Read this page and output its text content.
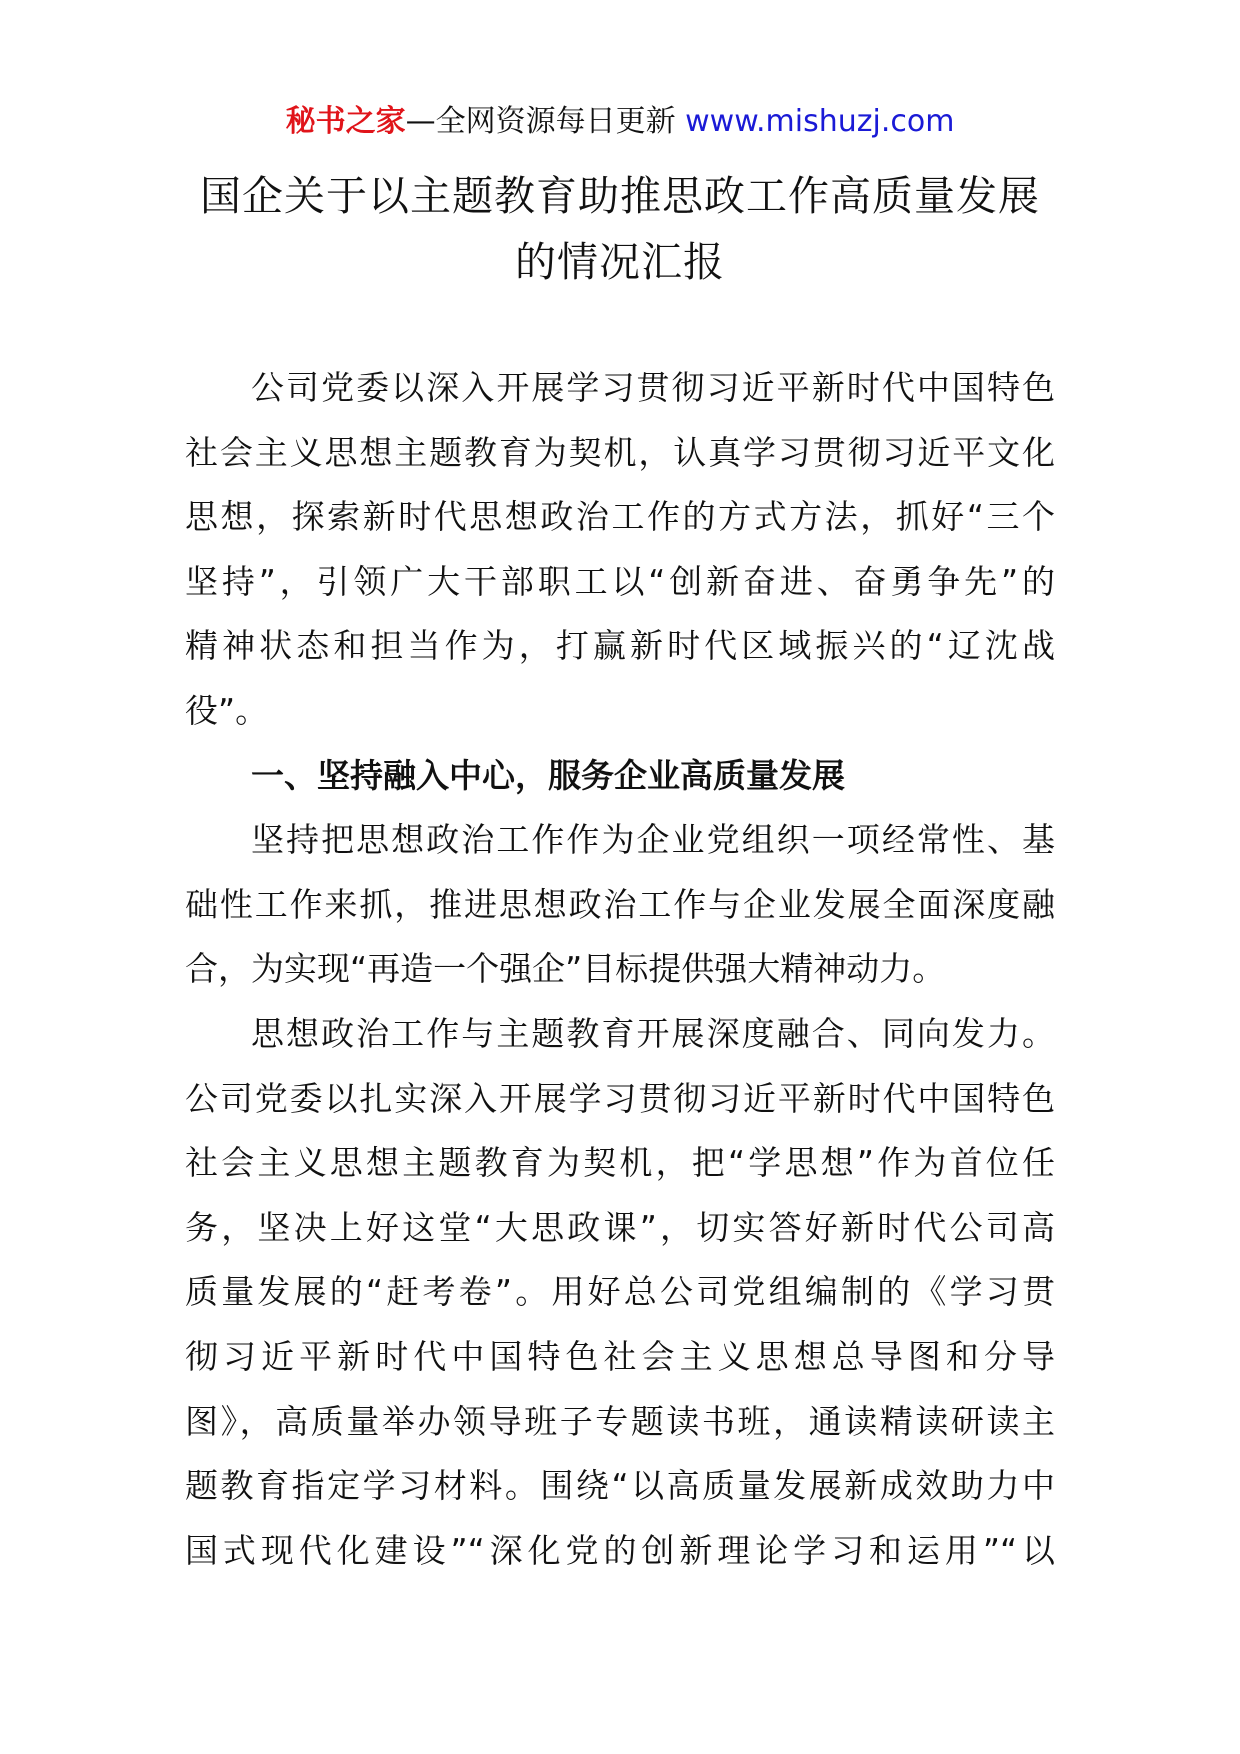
秘书之家—全网资源每日更新 www.mishuzj.com
国企关于以主题教育助推思政工作高质量发展
的情况汇报
公司党委以深入开展学习贯彻习近平新时代中国特色
社会主义思想主题教育为契机，认真学习贯彻习近平文化
思想，探索新时代思想政治工作的方式方法，抓好“三个
坚持”，引领广大干部职工以“创新奋进、奋勇争先”的
精神状态和担当作为，打赢新时代区域振兴的“辽沈战
役”。
一、坚持融入中心，服务企业高质量发展
坚持把思想政治工作作为企业党组织一项经常性、基
础性工作来抓，推进思想政治工作与企业发展全面深度融
合，为实现“再造一个强企”目标提供强大精神动力。
思想政治工作与主题教育开展深度融合、同向发力。
公司党委以扎实深入开展学习贯彻习近平新时代中国特色
社会主义思想主题教育为契机，把“学思想”作为首位任
务，坚决上好这堂“大思政课”，切实答好新时代公司高
质量发展的“赶考卷”。用好总公司党组编制的《学习贯
彻习近平新时代中国特色社会主义思想总导图和分导
图》，高质量举办领导班子专题读书班，通读精读研读主
题教育指定学习材料。围绕“以高质量发展新成效助力中
国式现代化建设”“深化党的创新理论学习和运用”“以
